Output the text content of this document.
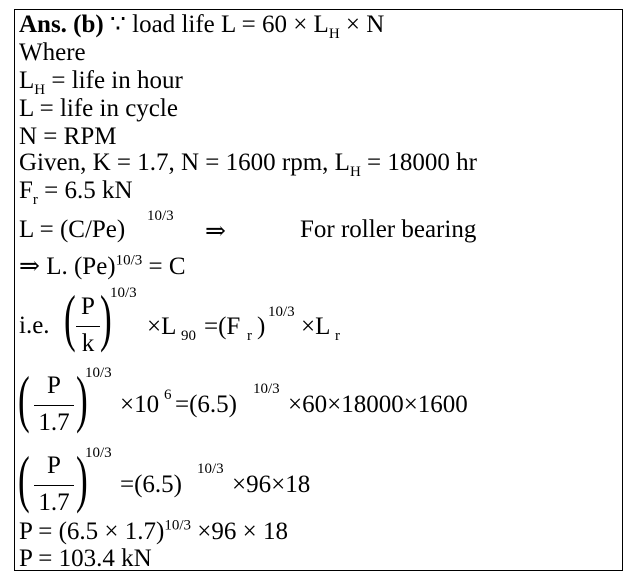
Ans. (b) ∵ load life $L = 60 \times L_H \times N$
Where
$L_H$ = life in hour
L = life in cycle
N = RPM
Given, K = 1.7, N = 1600 rpm, $L_H = 18000$ hr
$F_r = 6.5$ kN
L = (C/Pe) 10/3
⇒	For roller bearing
⇒ L. $(Pe)^{10/3} = C$
i.e. ( P
k )
10/3
×L 90 =(F r )
10/3
×L r
( P
1.7 )
10/3
×10 6 =(6.5)
10/3
×60×18000×1600
( P
1.7 )
10/3
=(6.5)
10/3
×96×18
$P = (6.5 \times 1.7)^{10/3} \times 96 \times 18$
P = 103.4 kN
